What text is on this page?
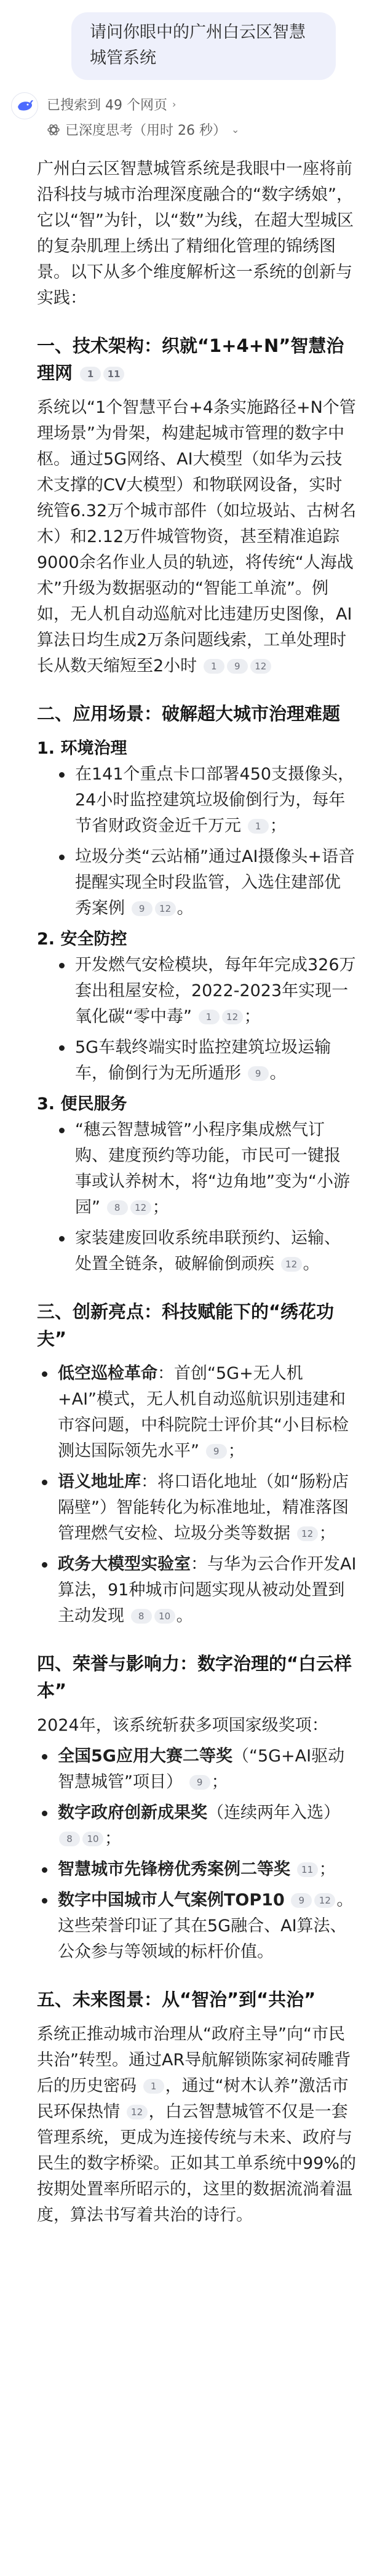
请问你眼中的广州白云区智慧城管系统
已搜索到 49 个网页 ›
已深度思考（用时 26 秒） ⌄

广州白云区智慧城管系统是我眼中一座将前沿科技与城市治理深度融合的“数字绣娘”，它以“智”为针，以“数”为线，在超大型城区的复杂肌理上绣出了精细化管理的锦绣图景。以下从多个维度解析这一系统的创新与实践：

一、技术架构：织就“1+4+N”智慧治理网 1 11

系统以“1个智慧平台+4条实施路径+N个管理场景”为骨架，构建起城市管理的数字中枢。通过5G网络、AI大模型（如华为云技术支撑的CV大模型）和物联网设备，实时统管6.32万个城市部件（如垃圾站、古树名木）和2.12万件城管物资，甚至精准追踪9000余名作业人员的轨迹，将传统“人海战术”升级为数据驱动的“智能工单流”。例如，无人机自动巡航对比违建历史图像，AI算法日均生成2万条问题线索，工单处理时长从数天缩短至2小时 1 9 12

二、应用场景：破解超大城市治理难题

1. 环境治理

在141个重点卡口部署450支摄像头，24小时监控建筑垃圾偷倒行为，每年节省财政资金近千万元 1 ；
垃圾分类“云站桶”通过AI摄像头+语音提醒实现全时段监管，入选住建部优秀案例 9 12 。

2. 安全防控

开发燃气安检模块，每年年完成326万套出租屋安检，2022-2023年实现一氧化碳“零中毒” 1 12 ；
5G车载终端实时监控建筑垃圾运输车，偷倒行为无所遁形 9 。

3. 便民服务

“穗云智慧城管”小程序集成燃气订购、建度预约等功能，市民可一键报事或认养树木，将“边角地”变为“小游园” 8 12 ；
家装建废回收系统串联预约、运输、处置全链条，破解偷倒顽疾 12 。

三、创新亮点：科技赋能下的“绣花功夫”

低空巡检革命：首创“5G+无人机+AI”模式，无人机自动巡航识别违建和市容问题，中科院院士评价其“小目标检测达国际领先水平” 9 ；
语义地址库：将口语化地址（如“肠粉店隔壁”）智能转化为标准地址，精准落图管理燃气安检、垃圾分类等数据 12 ；
政务大模型实验室：与华为云合作开发AI算法，91种城市问题实现从被动处置到主动发现 8 10 。

四、荣誉与影响力：数字治理的“白云样本”

2024年，该系统斩获多项国家级奖项：

全国5G应用大赛二等奖（“5G+AI驱动智慧城管”项目） 9 ；
数字政府创新成果奖（连续两年入选） 8 10 ；
智慧城市先锋榜优秀案例二等奖 11 ；
数字中国城市人气案例TOP10 9 12 。
这些荣誉印证了其在5G融合、AI算法、公众参与等领域的标杆价值。

五、未来图景：从“智治”到“共治”

系统正推动城市治理从“政府主导”向“市民共治”转型。通过AR导航解锁陈家祠砖雕背后的历史密码 1 ，通过“树木认养”激活市民环保热情 12 ，白云智慧城管不仅是一套管理系统，更成为连接传统与未来、政府与民生的数字桥梁。正如其工单系统中99%的按期处置率所昭示的，这里的数据流淌着温度，算法书写着共治的诗行。
